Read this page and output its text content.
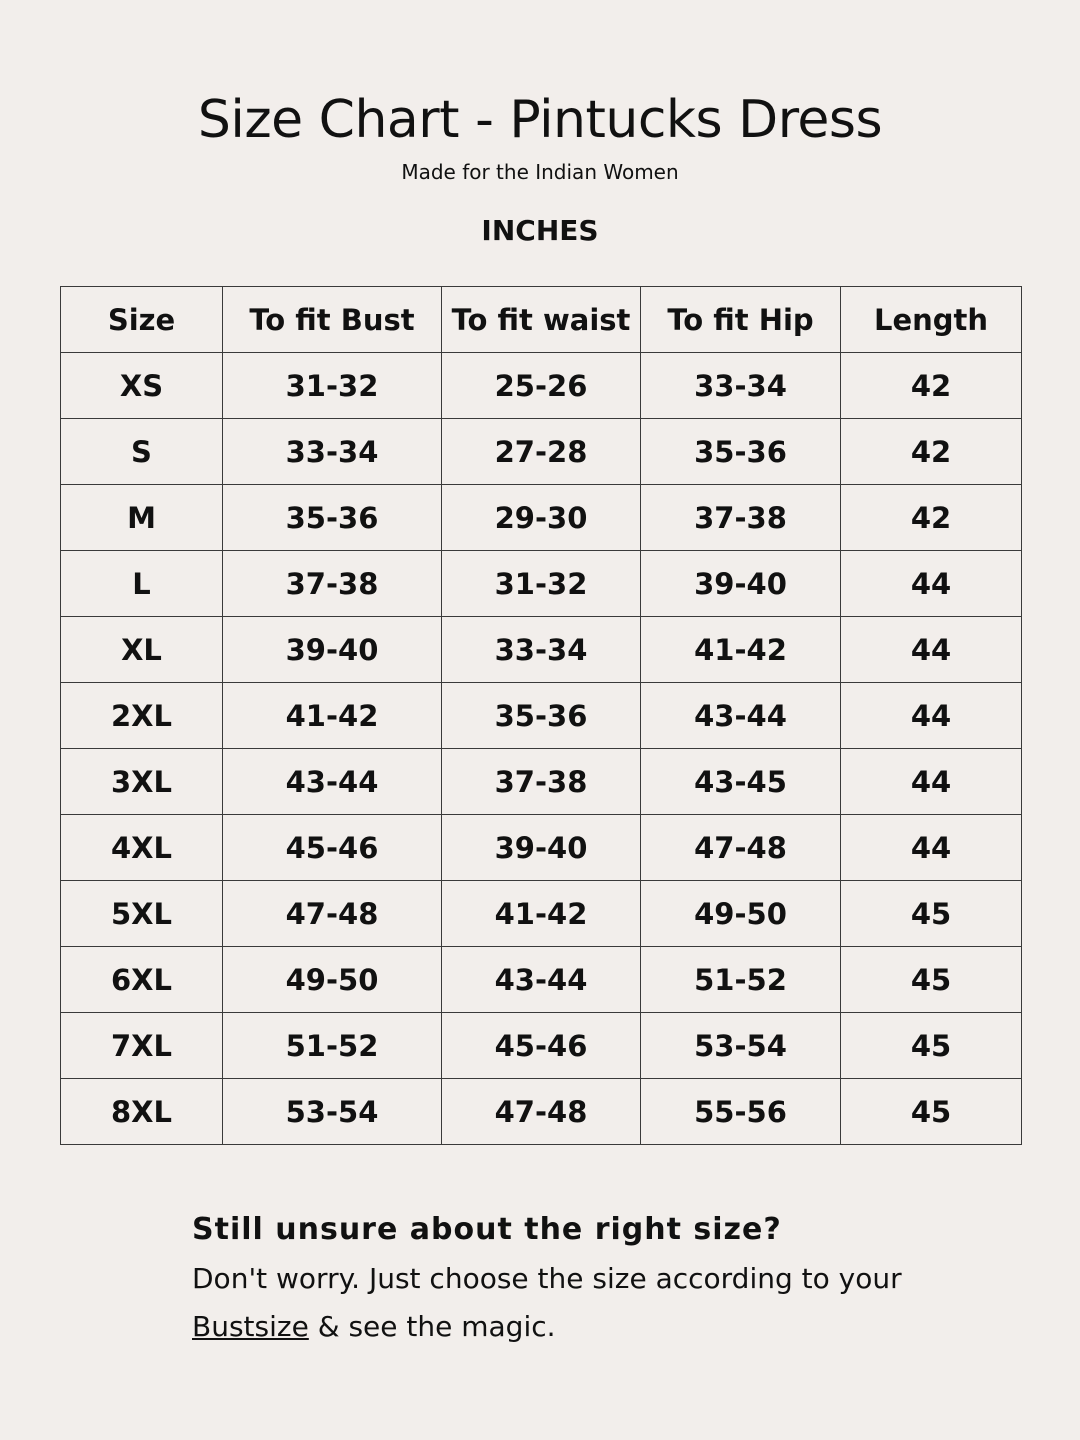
Size Chart - Pintucks Dress
Made for the Indian Women
INCHES
Size	To fit Bust	To fit waist	To fit Hip	Length
XS	31-32	25-26	33-34	42
S	33-34	27-28	35-36	42
M	35-36	29-30	37-38	42
L	37-38	31-32	39-40	44
XL	39-40	33-34	41-42	44
2XL	41-42	35-36	43-44	44
3XL	43-44	37-38	43-45	44
4XL	45-46	39-40	47-48	44
5XL	47-48	41-42	49-50	45
6XL	49-50	43-44	51-52	45
7XL	51-52	45-46	53-54	45
8XL	53-54	47-48	55-56	45
Still unsure about the right size?
Don't worry. Just choose the size according to your
Bustsize & see the magic.
